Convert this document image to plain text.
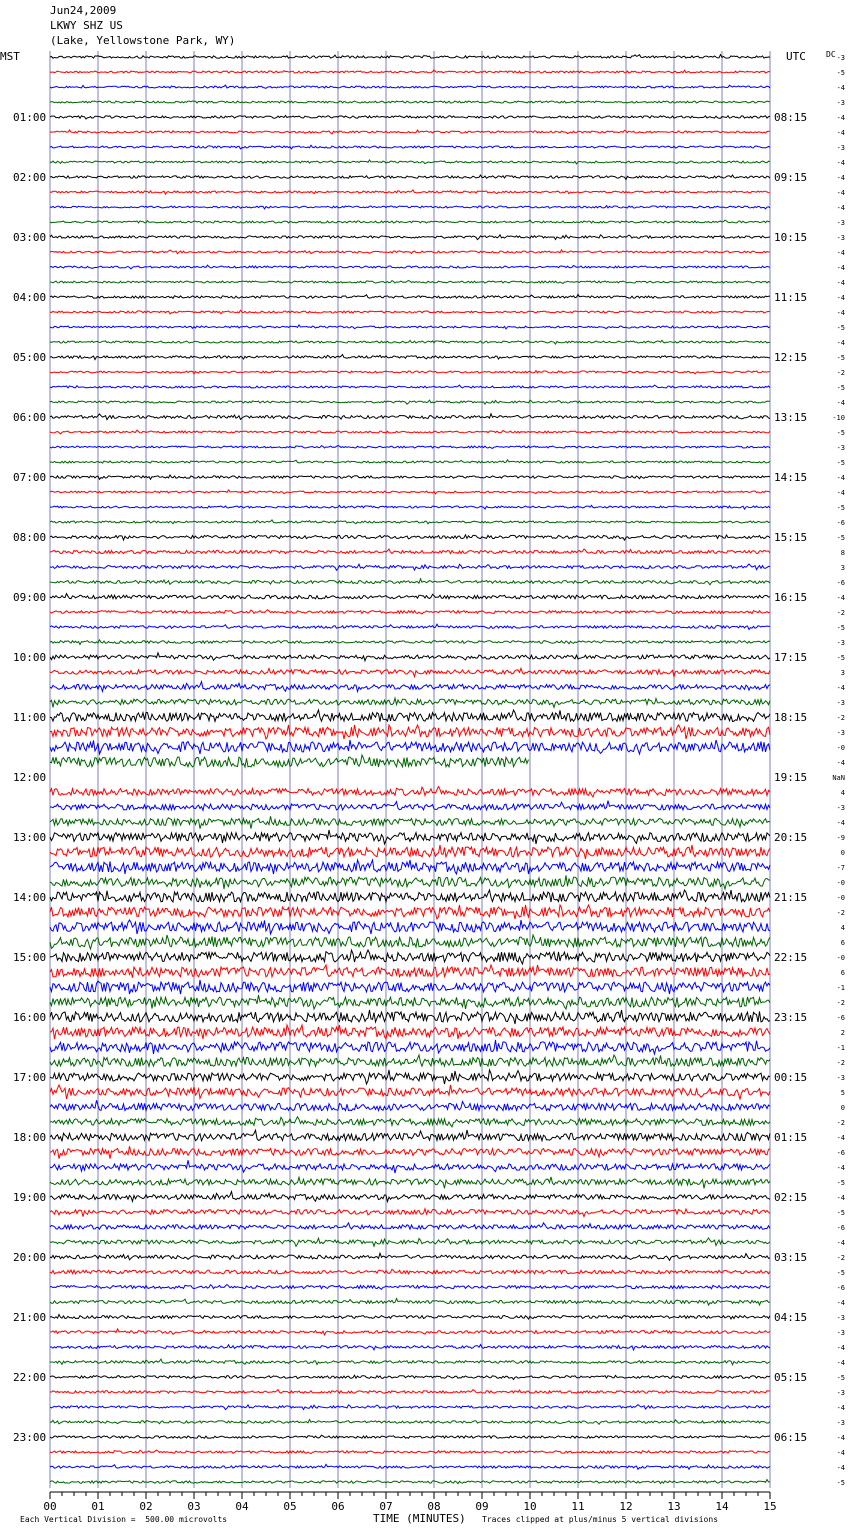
Jun24,2009
LKWY SHZ US
(Lake, Yellowstone Park, WY)
MST	UTC	DC
01:00	08:15
02:00	09:15
03:00	10:15
04:00	11:15
05:00	12:15
06:00	13:15
07:00	14:15
08:00	15:15
09:00	16:15
10:00	17:15
11:00	18:15
12:00	19:15
13:00	20:15
14:00	21:15
15:00	22:15
16:00	23:15
17:00	00:15
18:00	01:15
19:00	02:15
20:00	03:15
21:00	04:15
22:00	05:15
23:00	06:15
-3
-5
-4
-3
-4
-4
-3
-4
-4
-4
-4
-3
-3
-4
-4
-4
-4
-4
-5
-4
-5
-2
-5
-4
-10
-5
-3
-5
-4
-4
-5
-6
-5
8
3
-6
-4
-2
-5
-3
-5
3
-4
-3
-2
-3
-0
-4
NaN
4
-3
-4
-9
0
-7
-0
-0
-2
4
6
-0
6
-1
-2
-6
2
-1
-2
-3
5
0
-2
-4
-6
-4
-5
-4
-5
-6
-4
-2
-5
-6
-4
-3
-3
-4
-4
-5
-3
-4
-3
-4
-4
-4
-5
00	01	02	03	04	05	06	07	08	09	10	11	12	13	14	15
Each Vertical Division =  500.00 microvolts	TIME (MINUTES) Traces clipped at plus/minus 5 vertical divisions
